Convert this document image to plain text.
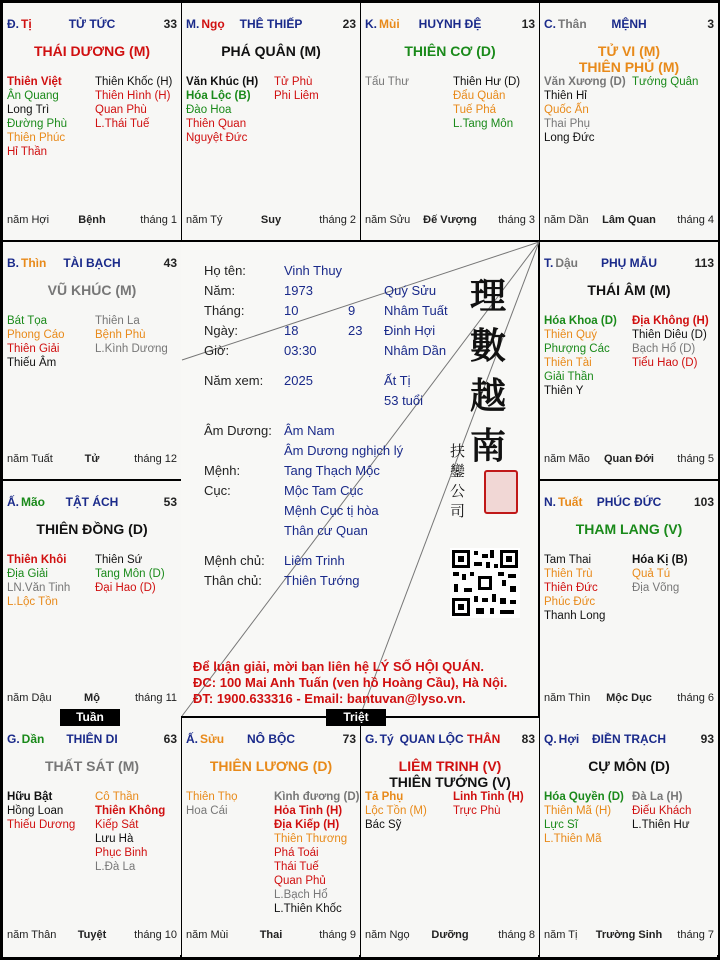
Đ. Tị	TỬ TỨC	33
THÁI DƯƠNG (M)
Thiên Việt
Ân Quang
Long Trì
Đường Phù
Thiên Phúc
Hỉ Thần
Thiên Khốc (H)
Thiên Hình (H)
Quan Phù
L.Thái Tuế
năm Hợi	Bệnh	tháng 1
M. Ngọ	THÊ THIẾP	23
PHÁ QUÂN (M)
Văn Khúc (H)
Hóa Lộc (B)
Đào Hoa
Thiên Quan
Nguyệt Đức
Tử Phù
Phi Liêm
năm Tý	Suy	tháng 2
K. Mùi	HUYNH ĐỆ	13
THIÊN CƠ (D)
Tấu Thư	Thiên Hư (D)
Đẩu Quân
Tuế Phá
L.Tang Môn
năm Sửu	Đế Vượng	tháng 3
C. Thân	MỆNH	3
TỬ VI (M)
THIÊN PHỦ (M)
Văn Xương (D)
Thiên Hỉ
Quốc Ấn
Thai Phụ
Long Đức
Tướng Quân
năm Dần	Lâm Quan	tháng 4
B. Thìn	TÀI BẠCH	43
VŨ KHÚC (M)
Bát Tọa
Phong Cáo
Thiên Giải
Thiếu Âm
Thiên La
Bệnh Phù
L.Kình Dương
năm Tuất	Tử	tháng 12
T. Dậu	PHỤ MẪU	113
THÁI ÂM (M)
Hóa Khoa (D)
Thiên Quý
Phượng Các
Thiên Tài
Giải Thần
Thiên Y
Địa Không (H)
Thiên Diêu (D)
Bạch Hổ (D)
Tiểu Hao (D)
năm Mão	Quan Đới	tháng 5
Ấ. Mão	TẬT ÁCH	53
THIÊN ĐỒNG (D)
Thiên Khôi
Địa Giải
LN.Văn Tinh
L.Lộc Tồn
Thiên Sứ
Tang Môn (D)
Đại Hao (D)
năm Dậu	Mộ	tháng 11
N. Tuất	PHÚC ĐỨC	103
THAM LANG (V)
Tam Thai
Thiên Trù
Thiên Đức
Phúc Đức
Thanh Long
Hóa Kị (B)
Quả Tú
Địa Võng
năm Thìn	Mộc Dục	tháng 6
G. Dần	THIÊN DI	63
THẤT SÁT (M)
Hữu Bật
Hồng Loan
Thiếu Dương
Cô Thần
Thiên Không
Kiếp Sát
Lưu Hà
Phục Binh
L.Đà La
năm Thân	Tuyệt	tháng 10
Ấ. Sửu	NÔ BỘC	73
THIÊN LƯƠNG (D)
Thiên Thọ
Hoa Cái
Kình đương (D)
Hỏa Tinh (H)
Địa Kiếp (H)
Thiên Thương
Phá Toái
Thái Tuế
Quan Phủ
L.Bạch Hổ
L.Thiên Khốc
năm Mùi	Thai	tháng 9
G. Tý QUAN LỘC THÂN	83
LIÊM TRINH (V)
THIÊN TƯỚNG (V)
Tả Phụ
Lộc Tồn (M)
Bác Sỹ
Linh Tinh (H)
Trực Phù
năm Ngọ	Dưỡng	tháng 8
Q. Hợi	ĐIỀN TRẠCH	93
CỰ MÔN (D)
Hóa Quyền (D)
Thiên Mã (H)
Lực Sĩ
L.Thiên Mã
Đà La (H)
Điếu Khách
L.Thiên Hư
năm Tị	Trường Sinh	tháng 7
Họ tên:	Vinh Thuy
Năm:	1973	Quý Sửu
Tháng:	10	9 Nhâm Tuất
Ngày:	18	23 Đinh Hợi
Giờ:	03:30	Nhâm Dần
Năm xem: 2025	Ất Tị
53 tuổi
Âm Dương: Âm Nam
Âm Dương nghịch lý
Mệnh:	Tang Thạch Mộc
Cục:	Mộc Tam Cục
Mệnh Cục tị hòa
Thân cư Quan
Mệnh chủ: Liêm Trinh
Thân chủ: Thiên Tướng
理
數
越
南
扶
鑾
公
司
Để luận giải, mời bạn liên hệ LÝ SỐ HỘI QUÁN.
ĐC: 100 Mai Anh Tuấn (ven hồ Hoàng Cầu), Hà Nội.
ĐT: 1900.633316 - Email: bantuvan@lyso.vn.
Tuần	Triệt
